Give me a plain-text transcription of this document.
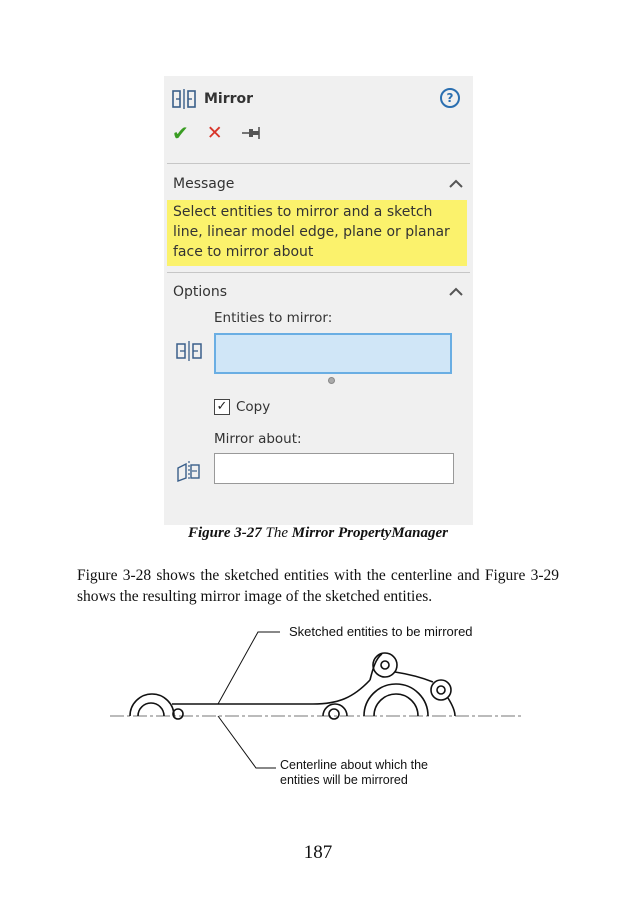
Mirror	?
✔ ✕
Message
Select entities to mirror and a sketch line, linear model edge, plane or planar face to mirror about
Options
Entities to mirror:
✓ Copy
Mirror about:
Figure 3-27 The Mirror PropertyManager
Figure 3-28 shows the sketched entities with the centerline and Figure 3-29 shows the resulting mirror image of the sketched entities.
Sketched entities to be mirrored
Centerline about which the
entities will be mirrored
187
